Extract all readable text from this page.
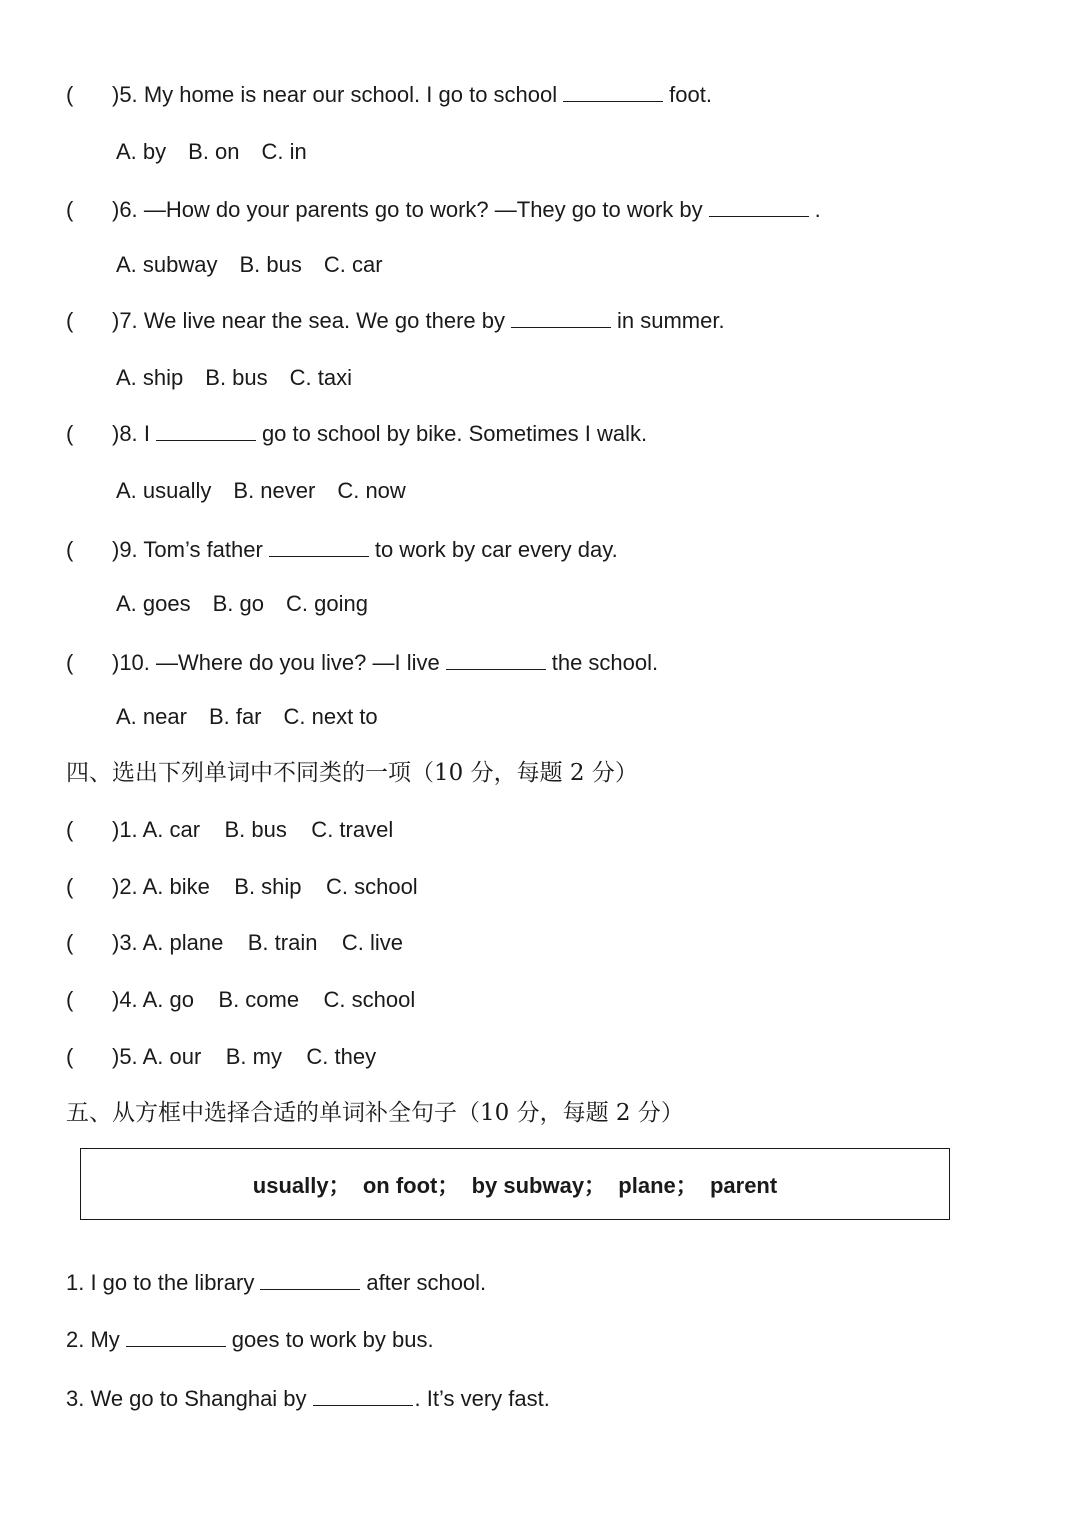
( )5. My home is near our school. I go to school	foot.
A. by B. on C. in
( )6. —How do your parents go to work? —They go to work by	.
A. subway B. bus C. car
( )7. We live near the sea. We go there by	in summer.
A. ship B. bus C. taxi
( )8. I	go to school by bike. Sometimes I walk.
A. usually B. never C. now
( )9. Tom’s father	to work by car every day.
A. goes B. go C. going
( )10. —Where do you live? —I live	the school.
A. near B. far C. next to
四、选出下列单词中不同类的一项（10 分，每题 2 分）
( )1. A. car    B. bus    C. travel
( )2. A. bike    B. ship    C. school
( )3. A. plane    B. train    C. live
( )4. A. go    B. come    C. school
( )5. A. our    B. my    C. they
五、从方框中选择合适的单词补全句子（10 分，每题 2 分）
usually；  on foot；  by subway；  plane；  parent
1. I go to the library	after school.
2. My	goes to work by bus.
3. We go to Shanghai by	. It’s very fast.
